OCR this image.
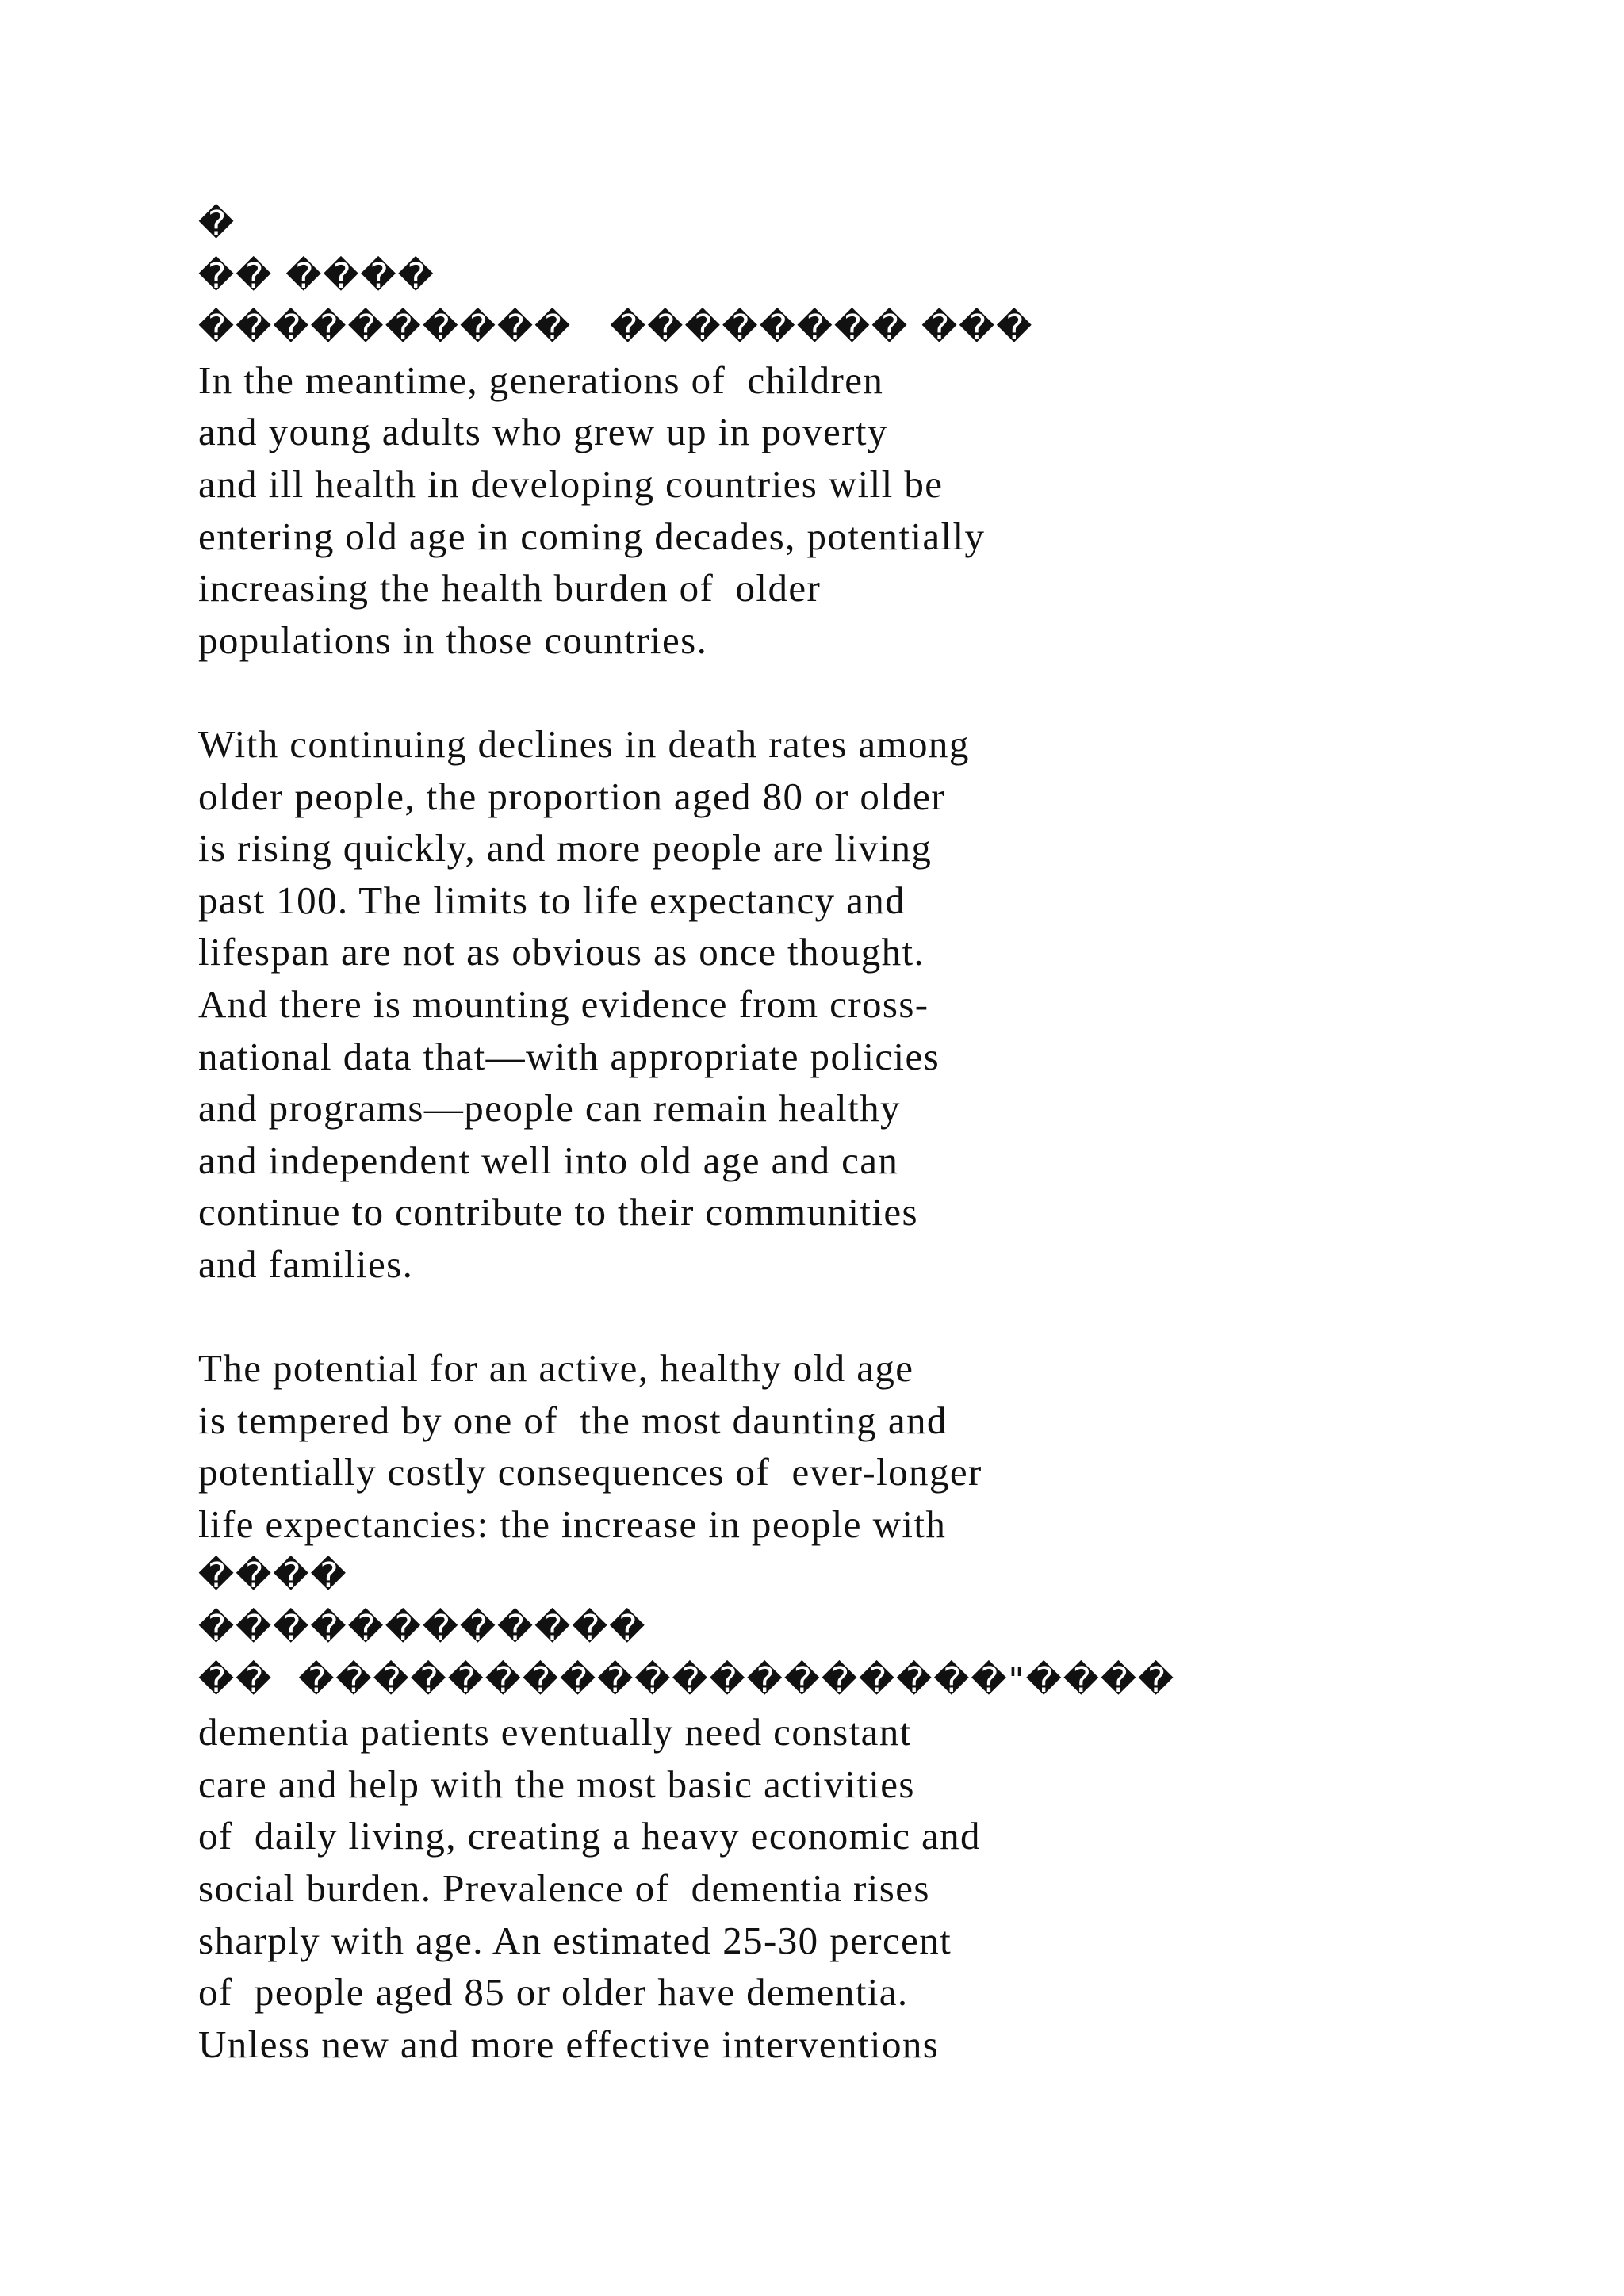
�
�� ����
����������   �������� ���
In the meantime, generations of  children
and young adults who grew up in poverty
and ill health in developing countries will be
entering old age in coming decades, potentially
increasing the health burden of  older
populations in those countries.
With continuing declines in death rates among
older people, the proportion aged 80 or older
is rising quickly, and more people are living
past 100. The limits to life expectancy and
lifespan are not as obvious as once thought.
And there is mounting evidence from cross-
national data that—with appropriate policies
and programs—people can remain healthy
and independent well into old age and can
continue to contribute to their communities
and families.
The potential for an active, healthy old age
is tempered by one of  the most daunting and
potentially costly consequences of  ever-longer
life expectancies: the increase in people with
����
������������
��  �������������������"����
dementia patients eventually need constant
care and help with the most basic activities
of  daily living, creating a heavy economic and
social burden. Prevalence of  dementia rises
sharply with age. An estimated 25-30 percent
of  people aged 85 or older have dementia.
Unless new and more effective interventions
